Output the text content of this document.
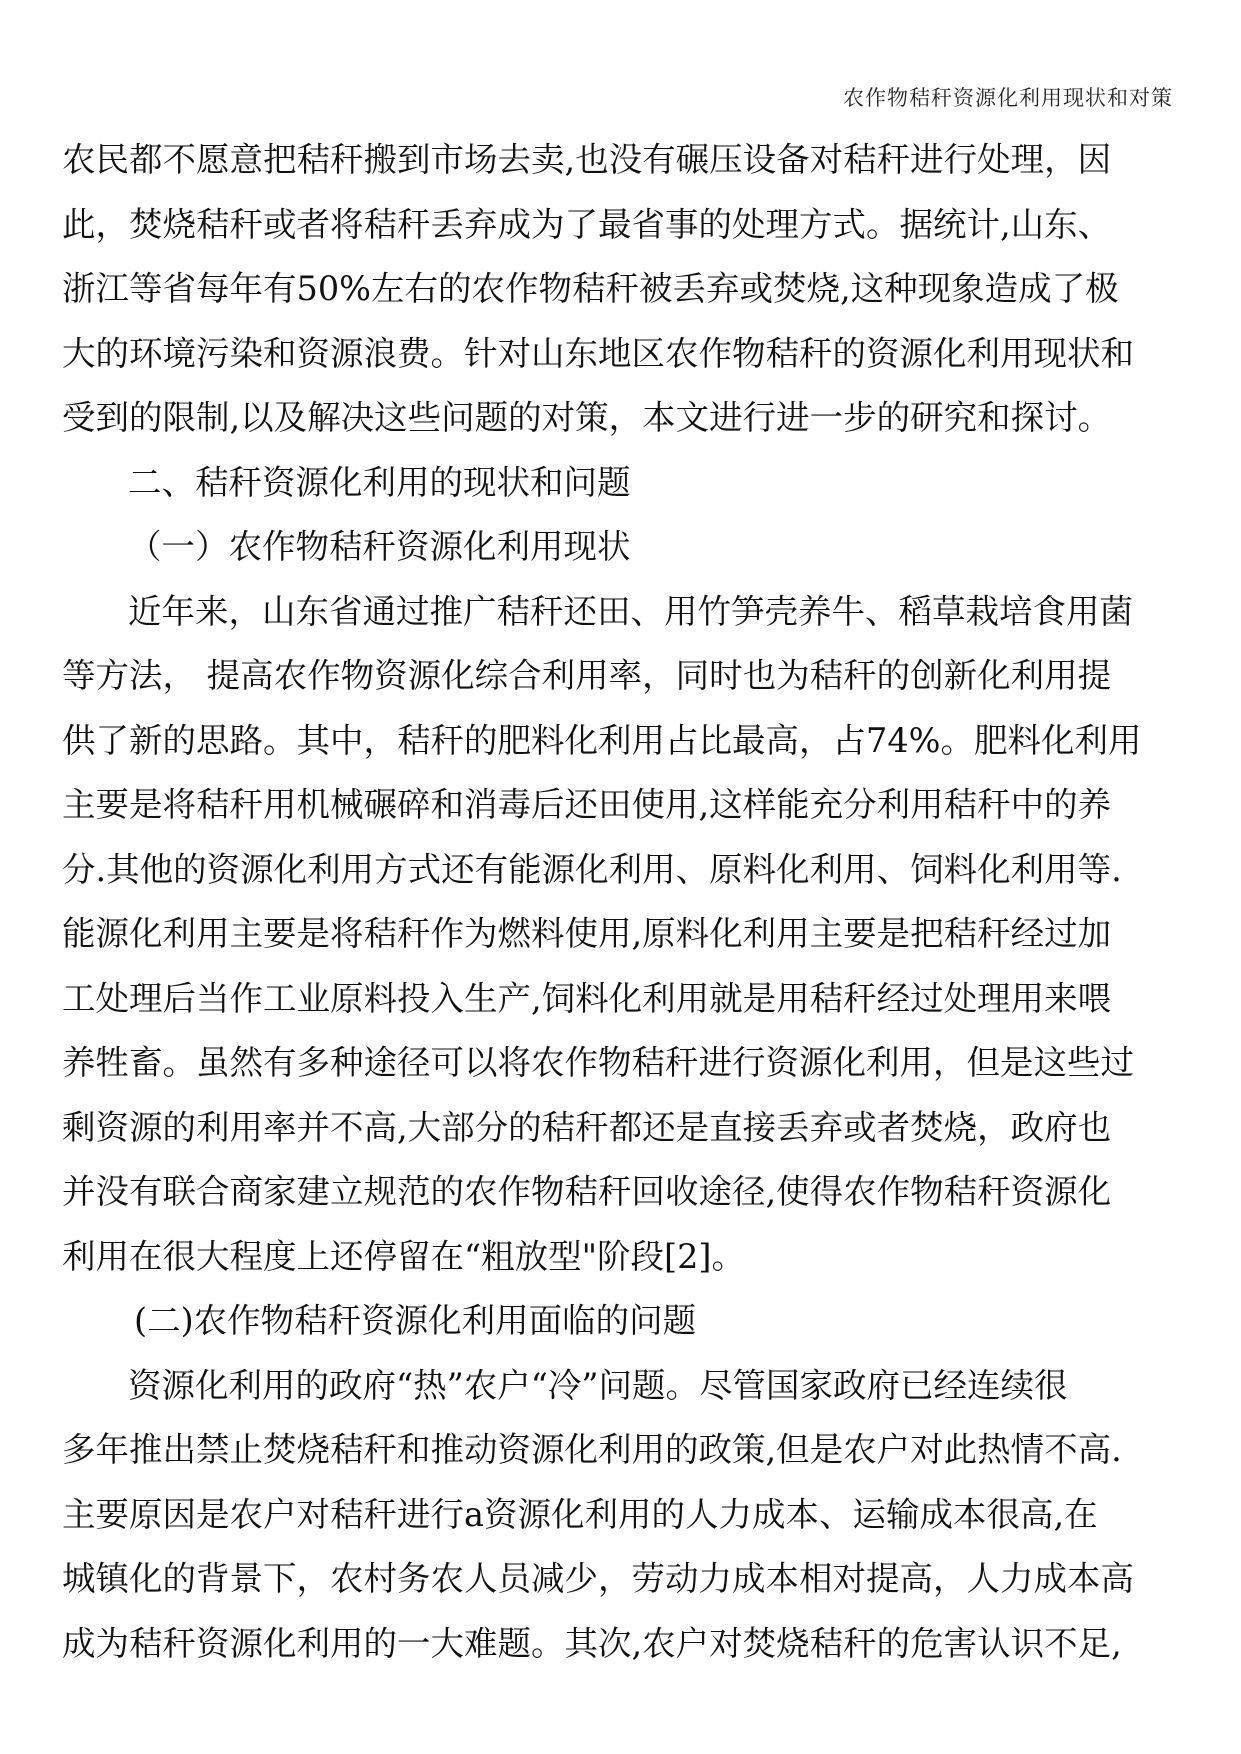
农作物秸秆资源化利用现状和对策
农民都不愿意把秸秆搬到市场去卖,也没有碾压设备对秸秆进行处理，因
此，焚烧秸秆或者将秸秆丢弃成为了最省事的处理方式。据统计,山东、
浙江等省每年有50%左右的农作物秸秆被丢弃或焚烧,这种现象造成了极
大的环境污染和资源浪费。针对山东地区农作物秸秆的资源化利用现状和
受到的限制,以及解决这些问题的对策，本文进行进一步的研究和探讨。
二、秸秆资源化利用的现状和问题
（一）农作物秸秆资源化利用现状
近年来，山东省通过推广秸秆还田、用竹笋壳养牛、稻草栽培食用菌
等方法， 提高农作物资源化综合利用率，同时也为秸秆的创新化利用提
供了新的思路。其中，秸秆的肥料化利用占比最高，占74%。肥料化利用
主要是将秸秆用机械碾碎和消毒后还田使用,这样能充分利用秸秆中的养
分.其他的资源化利用方式还有能源化利用、原料化利用、饲料化利用等.
能源化利用主要是将秸秆作为燃料使用,原料化利用主要是把秸秆经过加
工处理后当作工业原料投入生产,饲料化利用就是用秸秆经过处理用来喂
养牲畜。虽然有多种途径可以将农作物秸秆进行资源化利用，但是这些过
剩资源的利用率并不高,大部分的秸秆都还是直接丢弃或者焚烧，政府也
并没有联合商家建立规范的农作物秸秆回收途径,使得农作物秸秆资源化
利用在很大程度上还停留在“粗放型"阶段[2]。
(二)农作物秸秆资源化利用面临的问题
资源化利用的政府“热”农户“冷”问题。尽管国家政府已经连续很
多年推出禁止焚烧秸秆和推动资源化利用的政策,但是农户对此热情不高.
主要原因是农户对秸秆进行a资源化利用的人力成本、运输成本很高,在
城镇化的背景下，农村务农人员减少，劳动力成本相对提高，人力成本高
成为秸秆资源化利用的一大难题。其次,农户对焚烧秸秆的危害认识不足,
